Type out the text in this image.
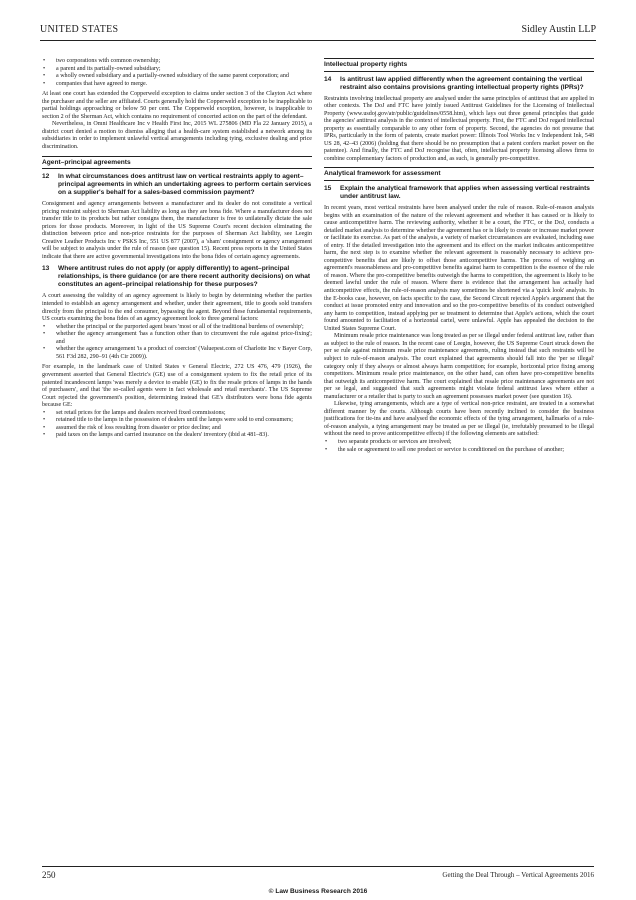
UNITED STATES	Sidley Austin LLP
• two corporations with common ownership;
• a parent and its partially-owned subsidiary;
• a wholly owned subsidiary and a partially-owned subsidiary of the same parent corporation; and
• companies that have agreed to merge.

At least one court has extended the Copperweld exception to claims under section 3 of the Clayton Act where the purchaser and the seller are affiliated. Courts generally hold the Copperweld exception to be inapplicable to partial holdings approaching or below 50 per cent. The Copperweld exception, however, is inapplicable to section 2 of the Sherman Act, which contains no requirement of concerted action on the part of the defendant.

Nevertheless, in Omni Healthcare Inc v Health First Inc, 2015 WL 275806 (MD Fla 22 January 2015), a district court denied a motion to dismiss alleging that a health-care system established a network among its subsidiaries in order to implement unlawful vertical arrangements including tying, exclusive dealing and price discrimination.

Agent–principal agreements
12 In what circumstances does antitrust law on vertical restraints apply to agent–principal agreements in which an undertaking agrees to perform certain services on a supplier's behalf for a sales-based commission payment?

Consignment and agency arrangements between a manufacturer and its dealer do not constitute a vertical pricing restraint subject to Sherman Act liability as long as they are bona fide. Where a manufacturer does not transfer title to its products but rather consigns them, the manufacturer is free to unilaterally dictate the sale prices for those products. Moreover, in light of the US Supreme Court's recent decision eliminating the distinction between price and non-price restraints for the purposes of Sherman Act liability, see Leegin Creative Leather Products Inc v PSKS Inc, 551 US 877 (2007), a 'sham' consignment or agency arrangement will be subject to analysis under the rule of reason (see question 15). Recent press reports in the United States indicate that there are active governmental investigations into the bona fides of certain agency agreements.

13 Where antitrust rules do not apply (or apply differently) to agent–principal relationships, is there guidance (or are there recent authority decisions) on what constitutes an agent–principal relationship for these purposes?

A court assessing the validity of an agency agreement is likely to begin by determining whether the parties intended to establish an agency arrangement and whether, under their agreement, title to goods sold transfers directly from the principal to the end consumer, bypassing the agent. Beyond these fundamental requirements, US courts examining the bona fides of an agency agreement look to three general factors:

• whether the principal or the purported agent bears 'most or all of the traditional burdens of ownership';
• whether the agency arrangement 'has a function other than to circumvent the rule against price-fixing'; and
• whether the agency arrangement 'is a product of coercion' (Valuepest.com of Charlotte Inc v Bayer Corp, 561 F3d 282, 290–91 (4th Cir 2009)).

For example, in the landmark case of United States v General Electric, 272 US 476, 479 (1926), the government asserted that General Electric's (GE) use of a consignment system to fix the retail price of its patented incandescent lamps 'was merely a device to enable (GE) to fix the resale prices of lamps in the hands of purchasers', and that 'the so-called agents were in fact wholesale and retail merchants'. The US Supreme Court rejected the government's position, determining instead that GE's distributors were bona fide agents because GE:

• set retail prices for the lamps and dealers received fixed commissions;
• retained title to the lamps in the possession of dealers until the lamps were sold to end consumers;
• assumed the risk of loss resulting from disaster or price decline; and
• paid taxes on the lamps and carried insurance on the dealers' inventory (ibid at 481–83).
Intellectual property rights
14 Is antitrust law applied differently when the agreement containing the vertical restraint also contains provisions granting intellectual property rights (IPRs)?

Restraints involving intellectual property are analysed under the same principles of antitrust that are applied in other contexts. The DoJ and FTC have jointly issued Antitrust Guidelines for the Licensing of Intellectual Property (www.usdoj.gov/atr/public/guidelines/0558.htm), which lays out three general principles that guide the agencies' antitrust analysis in the context of intellectual property. First, the FTC and DoJ regard intellectual property as essentially comparable to any other form of property. Second, the agencies do not presume that IPRs, particularly in the form of patents, create market power: Illinois Tool Works Inc v Independent Ink, 548 US 28, 42–43 (2006) (holding that there should be no presumption that a patent confers market power on the patentee). And finally, the FTC and DoJ recognise that, often, intellectual property licensing allows firms to combine complementary factors of production and, as such, is generally pro-competitive.

Analytical framework for assessment
15 Explain the analytical framework that applies when assessing vertical restraints under antitrust law.

In recent years, most vertical restraints have been analysed under the rule of reason. Rule-of-reason analysis begins with an examination of the nature of the relevant agreement and whether it has caused or is likely to cause anticompetitive harm. The reviewing authority, whether it be a court, the FTC, or the DoJ, conducts a detailed market analysis to determine whether the agreement has or is likely to create or increase market power or facilitate its exercise. As part of the analysis, a variety of market circumstances are evaluated, including ease of entry. If the detailed investigation into the agreement and its effect on the market indicates anticompetitive harm, the next step is to examine whether the relevant agreement is reasonably necessary to achieve pro-competitive benefits that are likely to offset those anticompetitive harms. The process of weighing an agreement's reasonableness and pro-competitive benefits against harm to competition is the essence of the rule of reason. Where the pro-competitive benefits outweigh the harms to competition, the agreement is likely to be deemed lawful under the rule of reason. Where there is evidence that the arrangement has actually had anticompetitive effects, the rule-of-reason analysis may sometimes be shortened via a 'quick look' analysis. In the E-books case, however, on facts specific to the case, the Second Circuit rejected Apple's argument that the conduct at issue promoted entry and innovation and so the pro-competitive benefits of its conduct outweighed any harm to competition, instead applying per se treatment to determine that Apple's actions, which the court found amounted to facilitation of a horizontal cartel, were unlawful. Apple has appealed the decision to the United States Supreme Court.

Minimum resale price maintenance was long treated as per se illegal under federal antitrust law, rather than as subject to the rule of reason. In the recent case of Leegin, however, the US Supreme Court struck down the per se rule against minimum resale price maintenance agreements, ruling instead that such restraints will be subject to rule-of-reason analysis. The court explained that agreements should fall into the 'per se illegal' category only if they always or almost always harm competition; for example, horizontal price fixing among competitors. Minimum resale price maintenance, on the other hand, can often have pro-competitive benefits that outweigh its anticompetitive harm. The court explained that resale price maintenance agreements are not per se legal, and suggested that such agreements might violate federal antitrust laws where either a manufacturer or a retailer that is party to such an agreement possesses market power (see question 16).

Likewise, tying arrangements, which are a type of vertical non-price restraint, are treated in a somewhat different manner by the courts. Although courts have been recently inclined to consider the business justifications for tie-ins and have analysed the economic effects of the tying arrangement, hallmarks of a rule-of-reason analysis, a tying arrangement may be treated as per se illegal (ie, irrefutably presumed to be illegal without the need to prove anticompetitive effects) if the following elements are satisfied:

• two separate products or services are involved;
• the sale or agreement to sell one product or service is conditioned on the purchase of another;
250	Getting the Deal Through – Vertical Agreements 2016
© Law Business Research 2016
